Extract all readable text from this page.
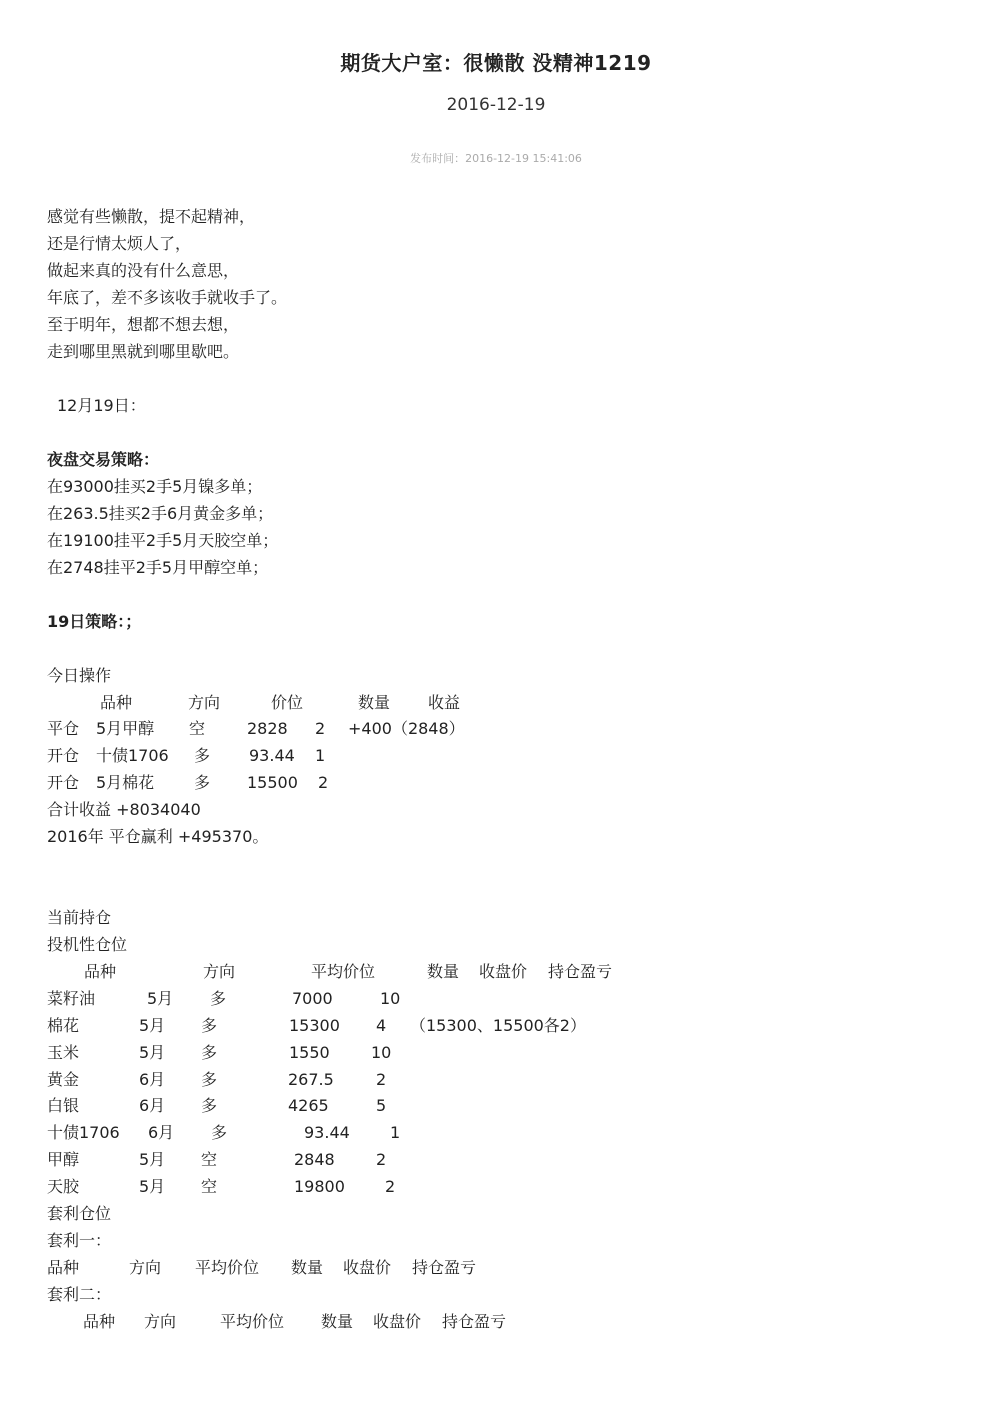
期货大户室：很懒散 没精神1219
2016-12-19
发布时间：2016-12-19 15:41:06
感觉有些懒散，提不起精神，
还是行情太烦人了，
做起来真的没有什么意思，
年底了，差不多该收手就收手了。
至于明年，想都不想去想，
走到哪里黑就到哪里歇吧。
12月19日：
夜盘交易策略：
在93000挂买2手5月镍多单；
在263.5挂买2手6月黄金多单；
在19100挂平2手5月天胶空单；
在2748挂平2手5月甲醇空单；
19日策略：；
今日操作
品种	方向	价位	数量 收益
平仓 5月甲醇 空	2828 2 +400（2848）
开仓 十债1706 多 93.44 1
开仓 5月棉花 多 15500 2
合计收益 +8034040
2016年 平仓赢利 +495370。
当前持仓
投机性仓位
品种	方向	平均价位	数量 收盘价 持仓盈亏
菜籽油	5月 多	7000	10
棉花	5月 多	15300 4 （15300、15500各2）
玉米	5月 多	1550	10
黄金	6月 多	267.5	2
白银	6月 多	4265	5
十债1706 6月 多	93.44	1
甲醇	5月 空	2848	2
天胶	5月 空	19800	2
套利仓位
套利一：
品种	方向 平均价位 数量 收盘价 持仓盈亏
套利二：
品种 方向	平均价位 数量 收盘价 持仓盈亏
